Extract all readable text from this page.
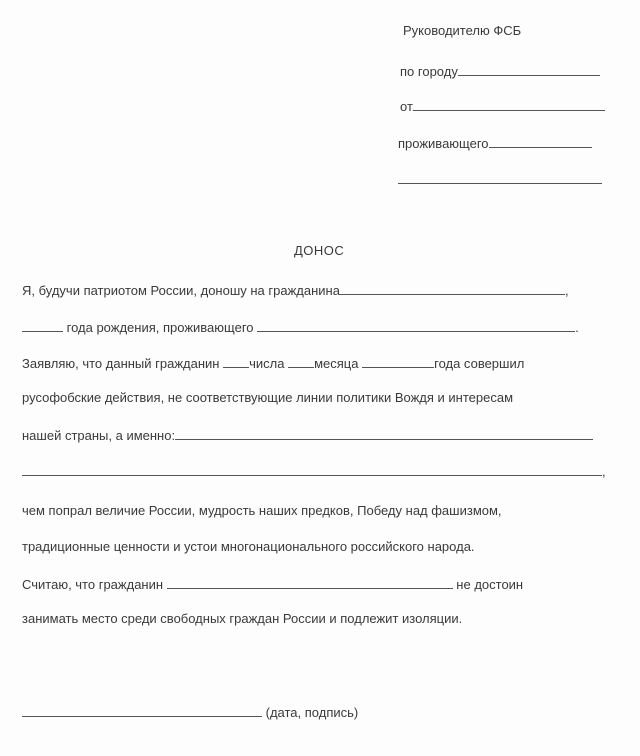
Руководителю ФСБ
по городу
от
проживающего
ДОНОС
Я, будучи патриотом России, доношу на гражданина	,
года рождения, проживающего	.
Заявляю, что данный гражданин числа месяца	года совершил
русофобские действия, не соответствующие линии политики Вождя и интересам
нашей страны, а именно:
,
чем попрал величие России, мудрость наших предков, Победу над фашизмом,
традиционные ценности и устои многонационального российского народа.
Считаю, что гражданин	не достоин
занимать место среди свободных граждан России и подлежит изоляции.
(дата, подпись)
